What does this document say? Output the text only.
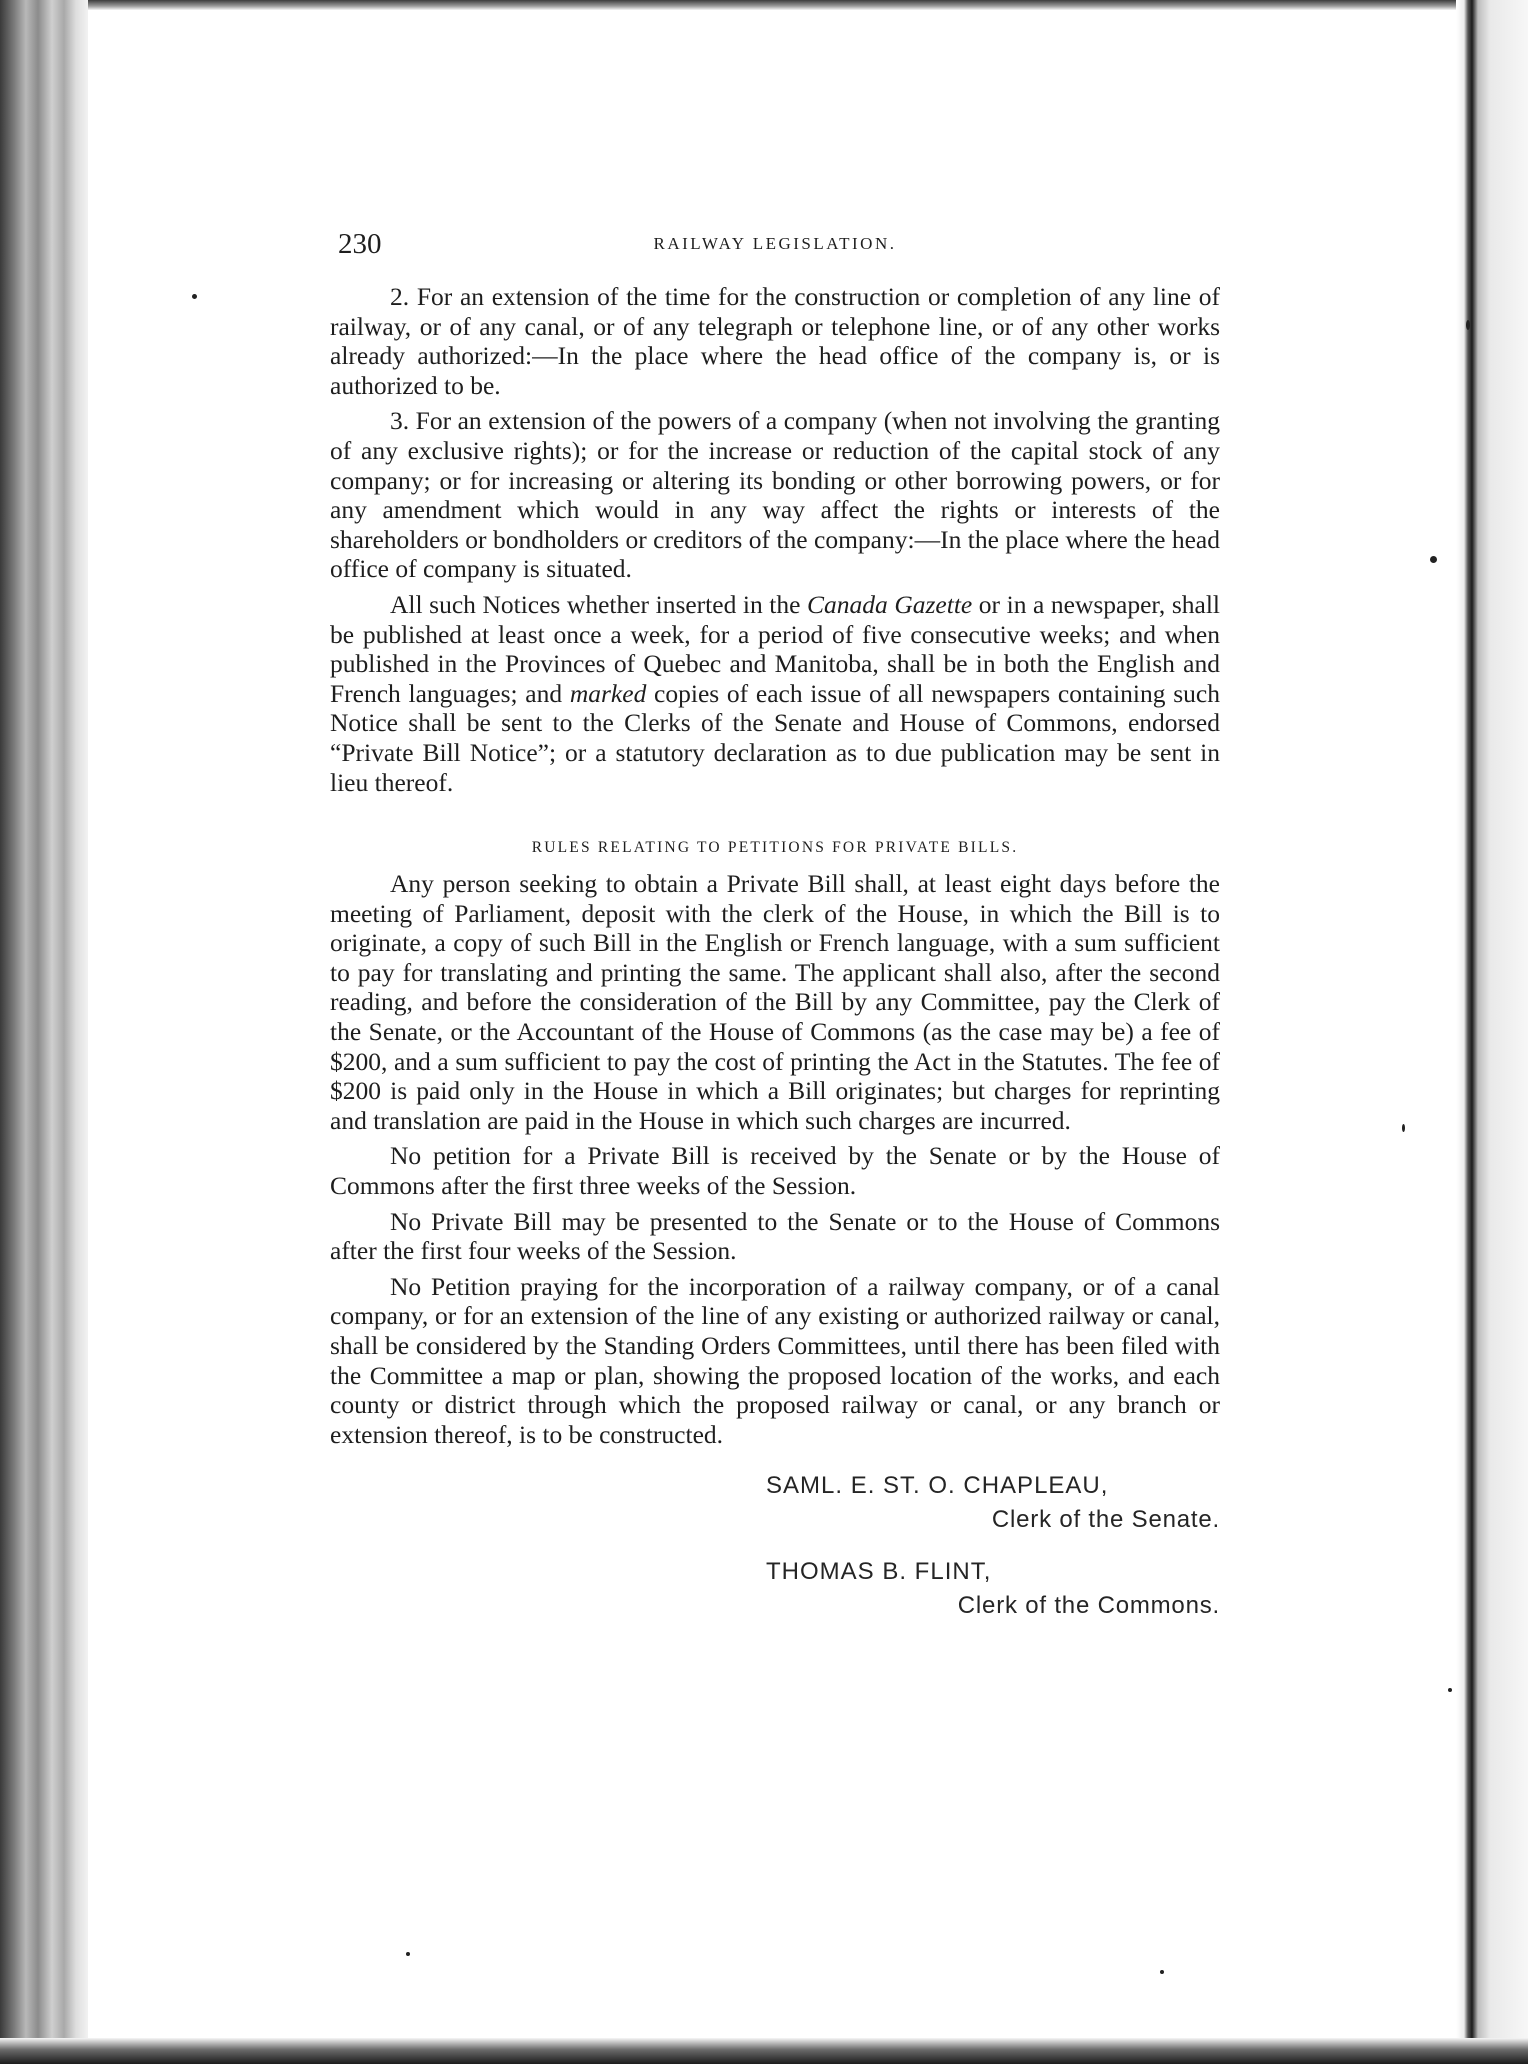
230	RAILWAY LEGISLATION.

2. For an extension of the time for the construction or completion of any line of railway, or of any canal, or of any telegraph or telephone line, or of any other works already authorized:—In the place where the head office of the company is, or is authorized to be.

3. For an extension of the powers of a company (when not involving the granting of any exclusive rights); or for the increase or reduction of the capital stock of any company; or for increasing or altering its bonding or other borrowing powers, or for any amendment which would in any way affect the rights or interests of the shareholders or bondholders or creditors of the company:—In the place where the head office of company is situated.

All such Notices whether inserted in the Canada Gazette or in a newspaper, shall be published at least once a week, for a period of five consecutive weeks; and when published in the Provinces of Quebec and Manitoba, shall be in both the English and French languages; and marked copies of each issue of all newspapers containing such Notice shall be sent to the Clerks of the Senate and House of Commons, endorsed “Private Bill Notice”; or a statutory declaration as to due publication may be sent in lieu thereof.

RULES RELATING TO PETITIONS FOR PRIVATE BILLS.

Any person seeking to obtain a Private Bill shall, at least eight days before the meeting of Parliament, deposit with the clerk of the House, in which the Bill is to originate, a copy of such Bill in the English or French language, with a sum sufficient to pay for translating and printing the same. The applicant shall also, after the second reading, and before the consideration of the Bill by any Committee, pay the Clerk of the Senate, or the Accountant of the House of Commons (as the case may be) a fee of $200, and a sum sufficient to pay the cost of printing the Act in the Statutes. The fee of $200 is paid only in the House in which a Bill originates; but charges for reprinting and translation are paid in the House in which such charges are incurred.

No petition for a Private Bill is received by the Senate or by the House of Commons after the first three weeks of the Session.

No Private Bill may be presented to the Senate or to the House of Commons after the first four weeks of the Session.

No Petition praying for the incorporation of a railway company, or of a canal company, or for an extension of the line of any existing or authorized railway or canal, shall be considered by the Standing Orders Committees, until there has been filed with the Committee a map or plan, showing the proposed location of the works, and each county or district through which the proposed railway or canal, or any branch or extension thereof, is to be constructed.

SAML. E. ST. O. CHAPLEAU,
Clerk of the Senate.
THOMAS B. FLINT,
Clerk of the Commons.
